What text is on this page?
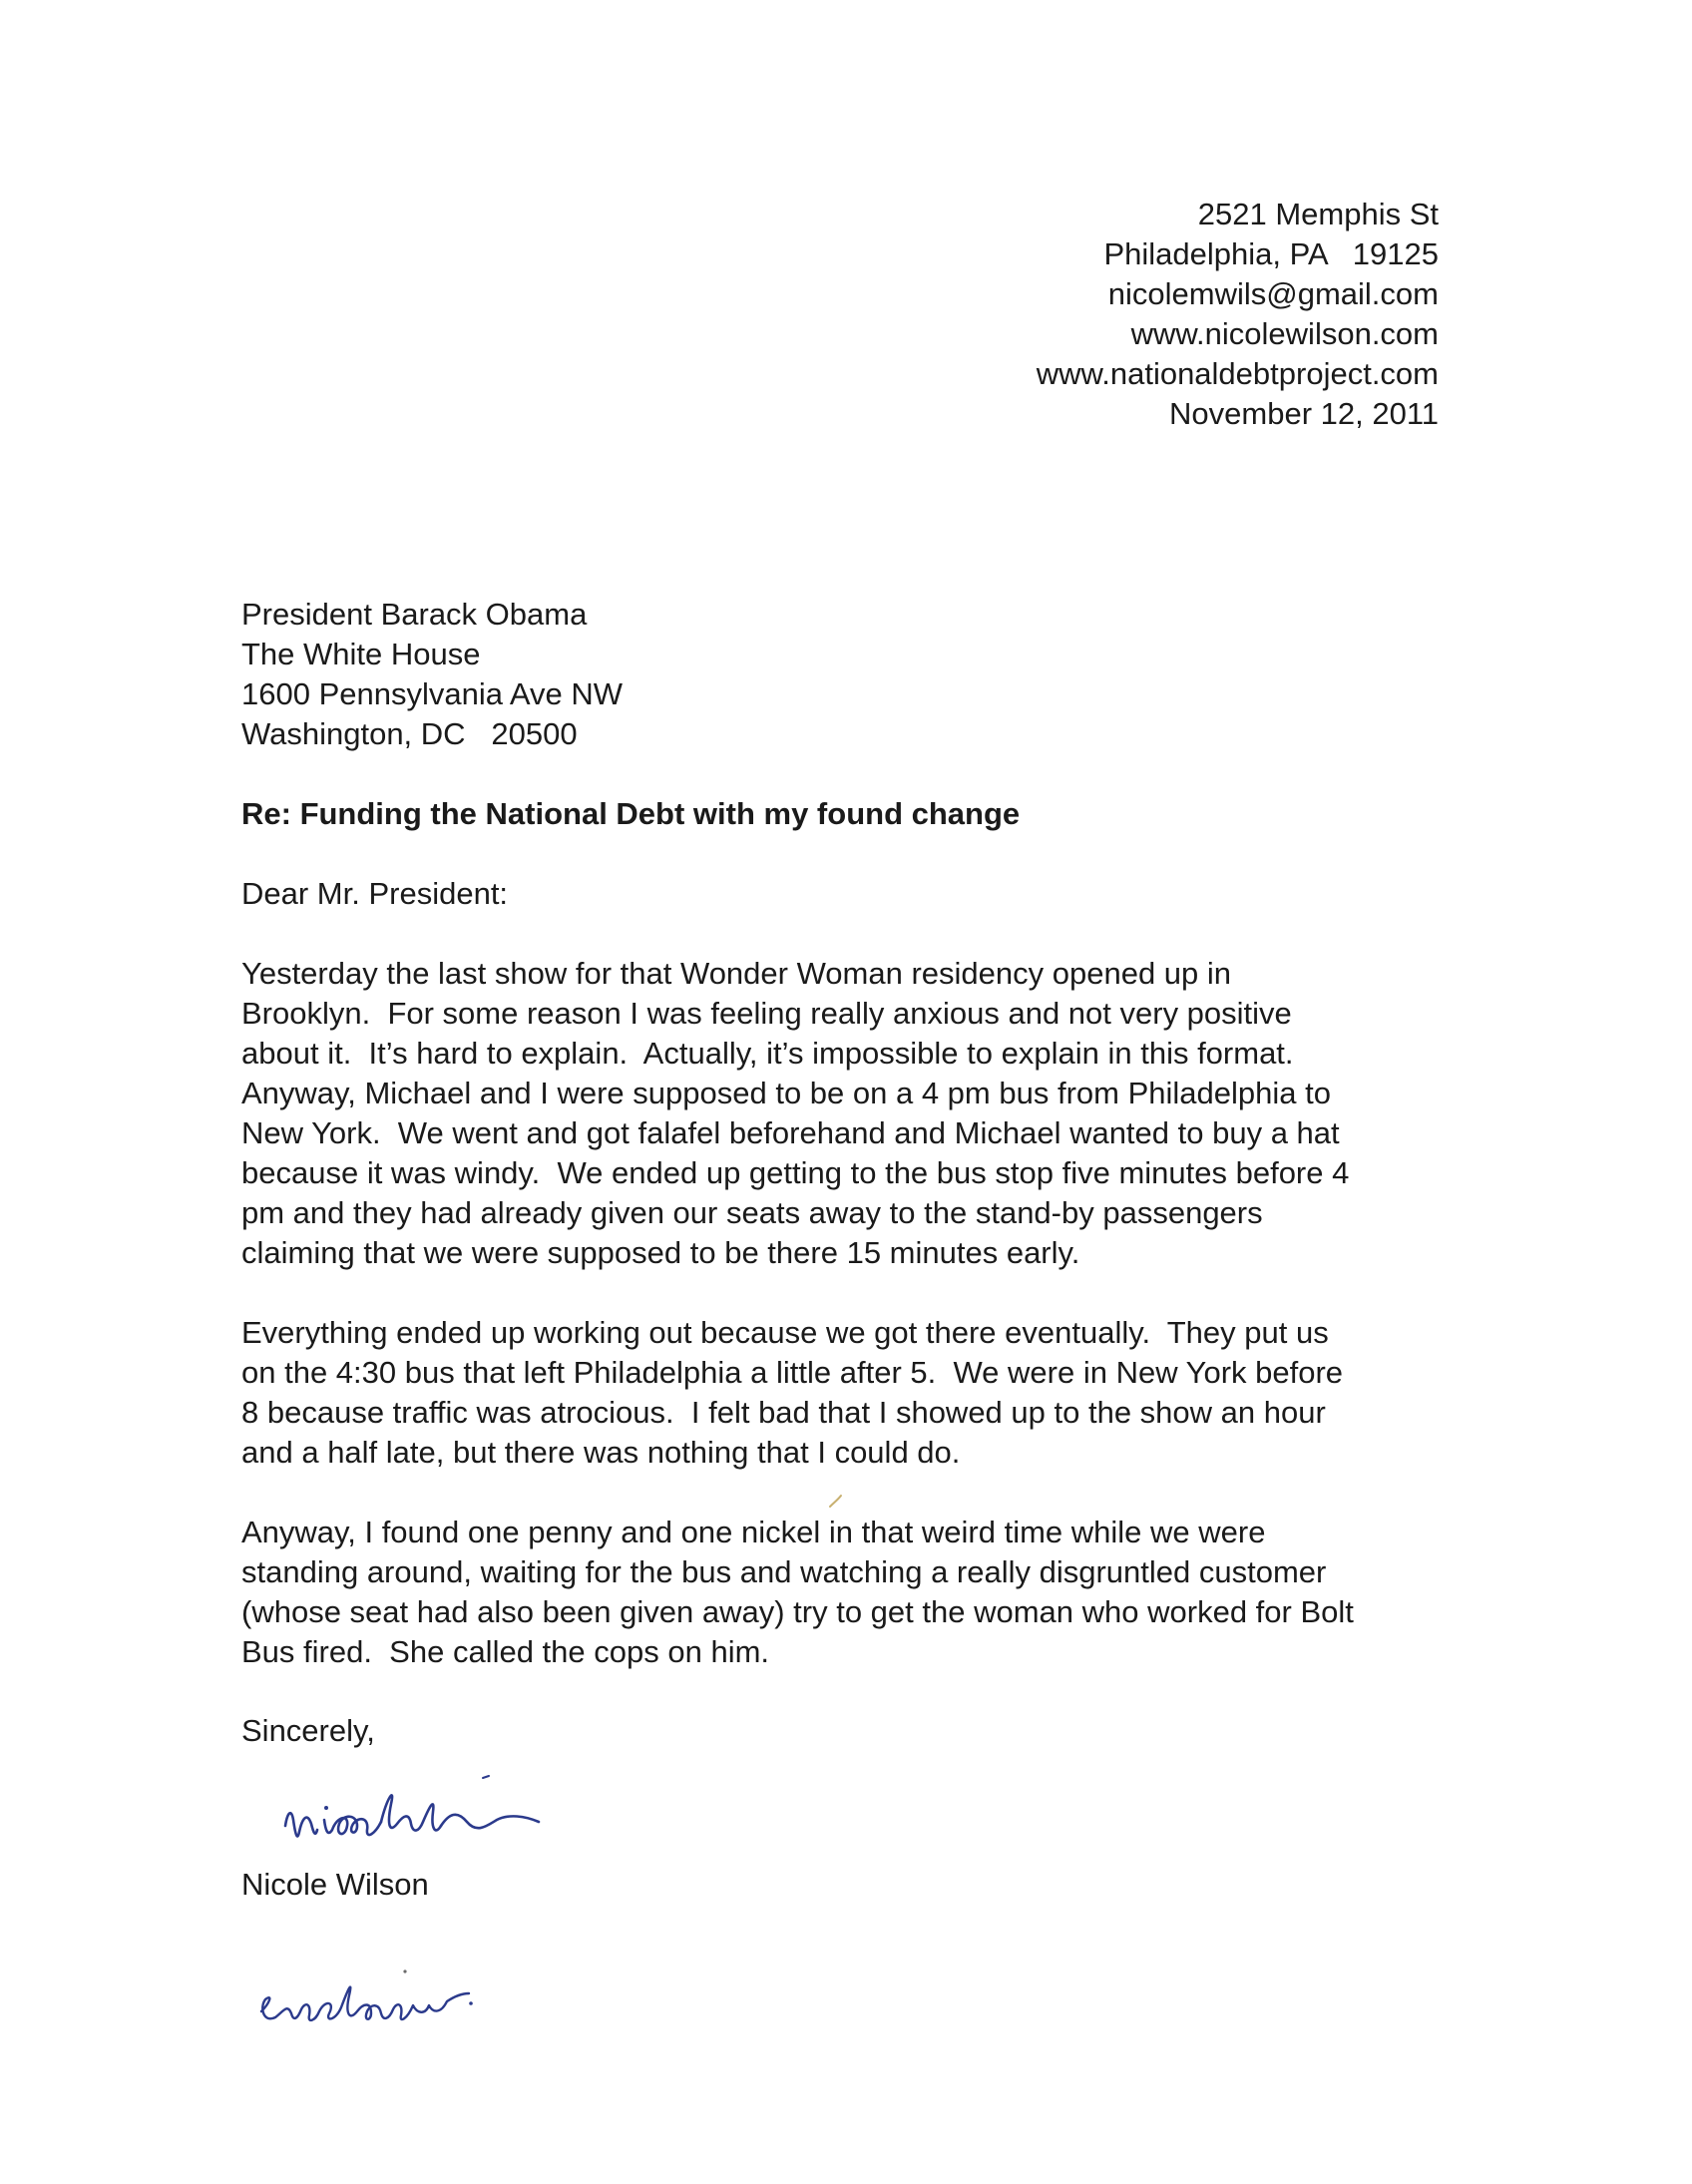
2521 Memphis St
Philadelphia, PA   19125
nicolemwils@gmail.com
www.nicolewilson.com
www.nationaldebtproject.com
November 12, 2011
President Barack Obama
The White House
1600 Pennsylvania Ave NW
Washington, DC   20500
Re: Funding the National Debt with my found change
Dear Mr. President:

Yesterday the last show for that Wonder Woman residency opened up in
Brooklyn.  For some reason I was feeling really anxious and not very positive
about it.  It’s hard to explain.  Actually, it’s impossible to explain in this format.
Anyway, Michael and I were supposed to be on a 4 pm bus from Philadelphia to
New York.  We went and got falafel beforehand and Michael wanted to buy a hat
because it was windy.  We ended up getting to the bus stop five minutes before 4
pm and they had already given our seats away to the stand-by passengers
claiming that we were supposed to be there 15 minutes early.

Everything ended up working out because we got there eventually.  They put us
on the 4:30 bus that left Philadelphia a little after 5.  We were in New York before
8 because traffic was atrocious.  I felt bad that I showed up to the show an hour
and a half late, but there was nothing that I could do.

Anyway, I found one penny and one nickel in that weird time while we were
standing around, waiting for the bus and watching a really disgruntled customer
(whose seat had also been given away) try to get the woman who worked for Bolt
Bus fired.  She called the cops on him.

Sincerely,
Nicole Wilson
